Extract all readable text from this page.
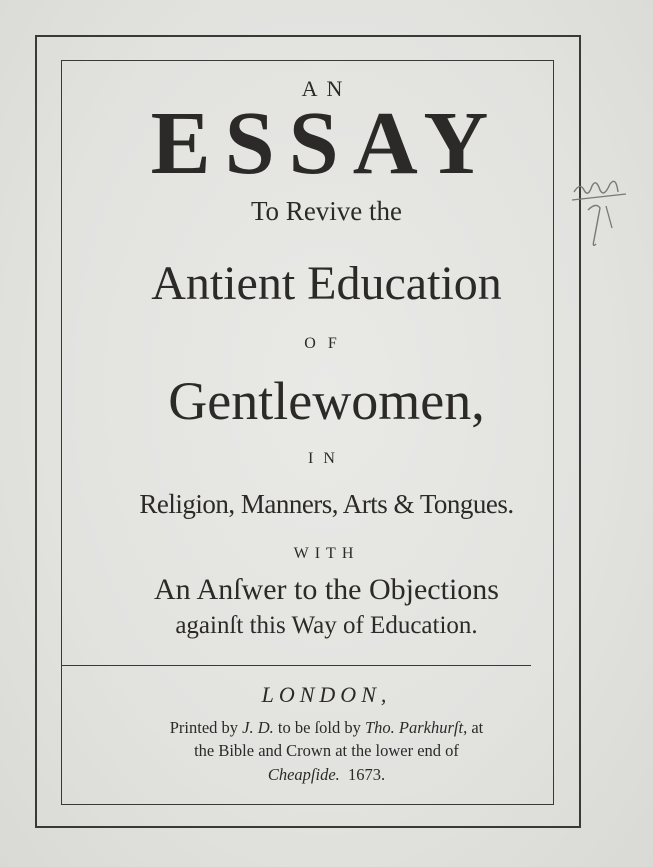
AN
ESSAY
To Revive the
Antient Education
OF
Gentlewomen,
IN
Religion, Manners, Arts & Tongues.
WITH
An Anſwer to the Objections
againſt this Way of Education.
LONDON,
Printed by J. D. to be ſold by Tho. Parkhurſt, at
the Bible and Crown at the lower end of
Cheapſide. 1673.
